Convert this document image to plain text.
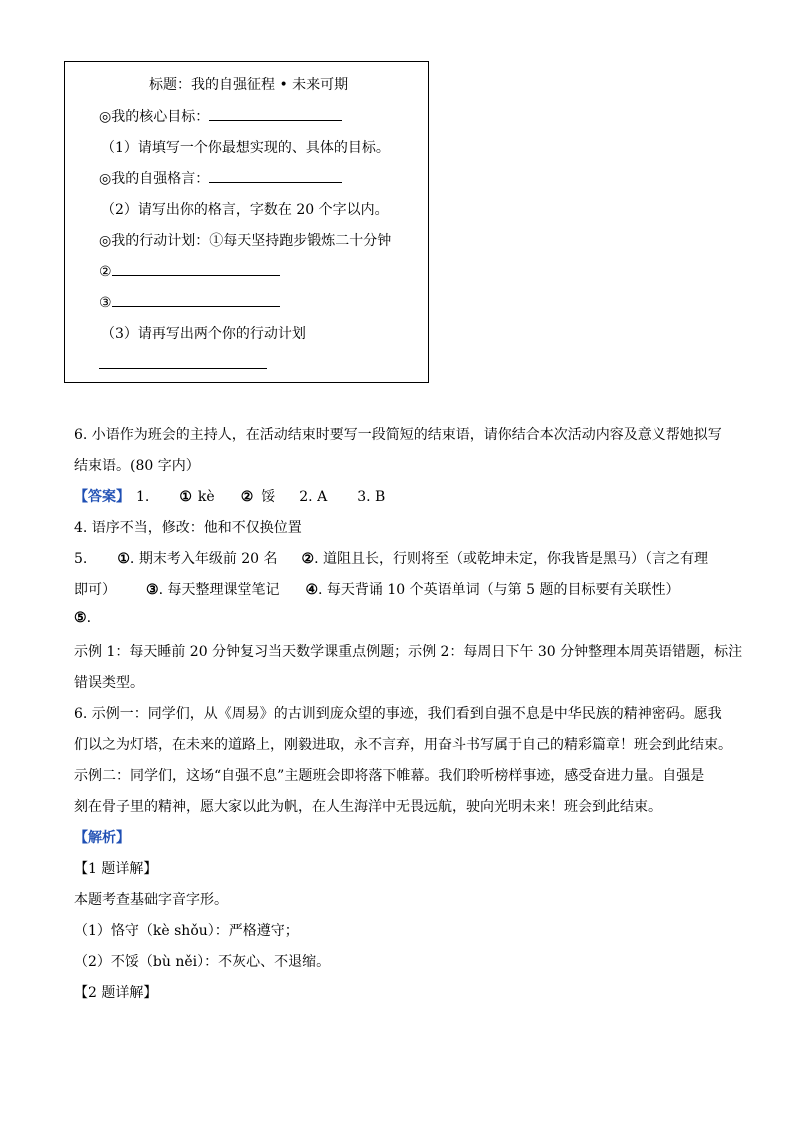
标题：我的自强征程 • 未来可期
◎我的核心目标：
（1）请填写一个你最想实现的、具体的目标。
◎我的自强格言：
（2）请写出你的格言，字数在 20 个字以内。
◎我的行动计划：①每天坚持跑步锻炼二十分钟
②
③
（3）请再写出两个你的行动计划
6. 小语作为班会的主持人，在活动结束时要写一段简短的结束语，请你结合本次活动内容及意义帮她拟写
结束语。(80 字内）
【答案】 1. ① kè ② 馁 2. A 3. B
4. 语序不当，修改：他和不仅换位置
5. ①. 期末考入年级前 20 名 ②. 道阻且长，行则将至（或乾坤未定，你我皆是黑马）（言之有理
即可） ③. 每天整理课堂笔记 ④. 每天背诵 10 个英语单词（与第 5 题的目标要有关联性）
⑤.
示例 1：每天睡前 20 分钟复习当天数学课重点例题；示例 2：每周日下午 30 分钟整理本周英语错题，标注
错误类型。
6. 示例一：同学们，从《周易》的古训到庞众望的事迹，我们看到自强不息是中华民族的精神密码。愿我
们以之为灯塔，在未来的道路上，刚毅进取，永不言弃，用奋斗书写属于自己的精彩篇章！班会到此结束。
示例二：同学们，这场“自强不息”主题班会即将落下帷幕。我们聆听榜样事迹，感受奋进力量。自强是
刻在骨子里的精神，愿大家以此为帆，在人生海洋中无畏远航，驶向光明未来！班会到此结束。
【解析】
【1 题详解】
本题考查基础字音字形。
（1）恪守（kè shǒu）：严格遵守；
（2）不馁（bù něi）：不灰心、不退缩。
【2 题详解】
